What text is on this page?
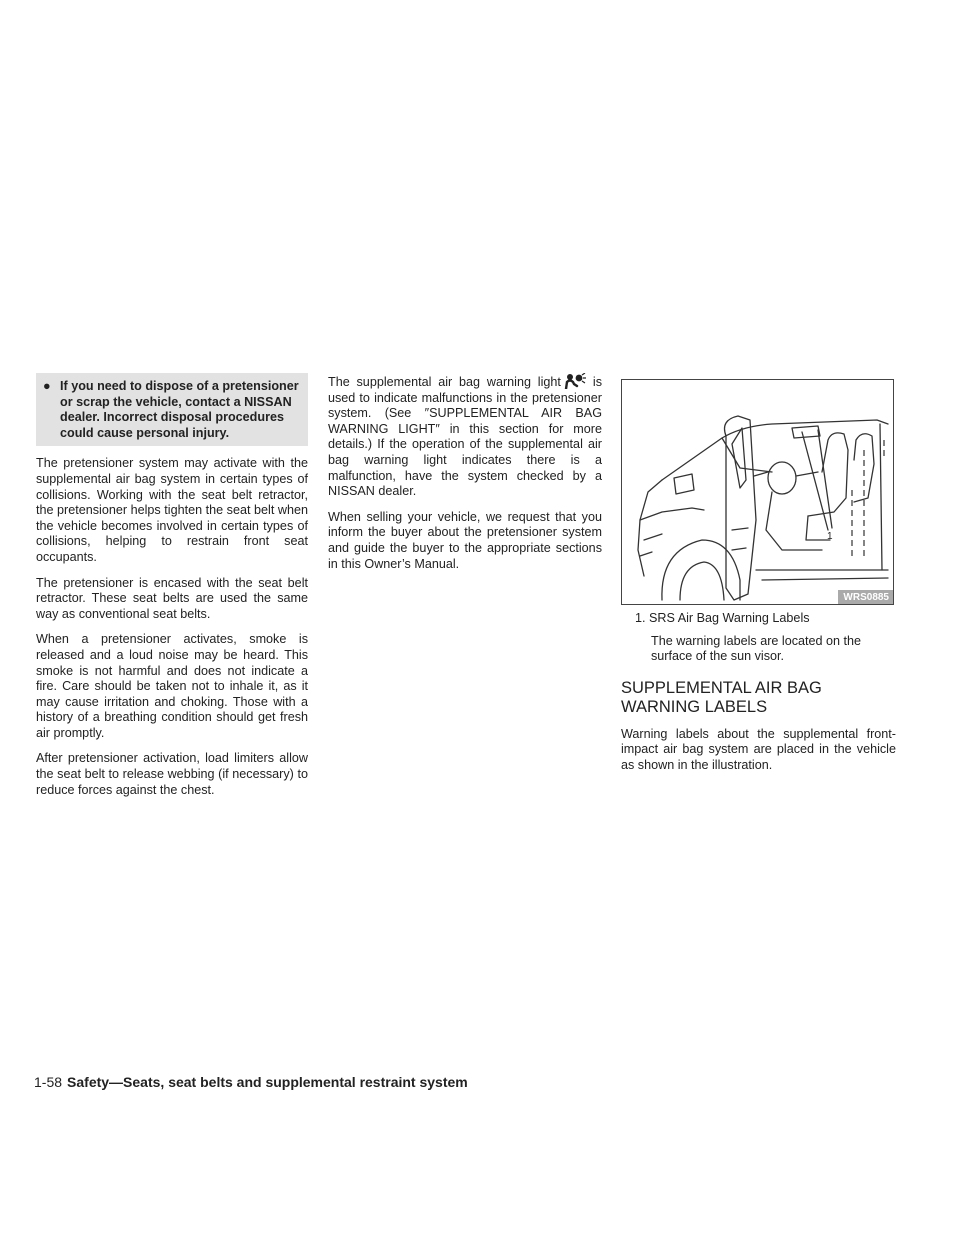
● If you need to dispose of a pretensioner or scrap the vehicle, contact a NISSAN dealer. Incorrect disposal procedures could cause personal injury.

The pretensioner system may activate with the supplemental air bag system in certain types of collisions. Working with the seat belt retractor, the pretensioner helps tighten the seat belt when the vehicle becomes involved in certain types of collisions, helping to restrain front seat occupants.

The pretensioner is encased with the seat belt retractor. These seat belts are used the same way as conventional seat belts.

When a pretensioner activates, smoke is released and a loud noise may be heard. This smoke is not harmful and does not indicate a fire. Care should be taken not to inhale it, as it may cause irritation and choking. Those with a history of a breathing condition should get fresh air promptly.

After pretensioner activation, load limiters allow the seat belt to release webbing (if necessary) to reduce forces against the chest.

The supplemental air bag warning light	is used to indicate malfunctions in the pretensioner system. (See ″SUPPLEMENTAL AIR BAG WARNING LIGHT″ in this section for more details.) If the operation of the supplemental air bag warning light indicates there is a malfunction, have the system checked by a NISSAN dealer.

When selling your vehicle, we request that you inform the buyer about the pretensioner system and guide the buyer to the appropriate sections in this Owner’s Manual.

1
WRS0885
1. SRS Air Bag Warning Labels
The warning labels are located on the surface of the sun visor.
SUPPLEMENTAL AIR BAG
WARNING LABELS

Warning labels about the supplemental front-impact air bag system are placed in the vehicle as shown in the illustration.

1-58 Safety—Seats, seat belts and supplemental restraint system
